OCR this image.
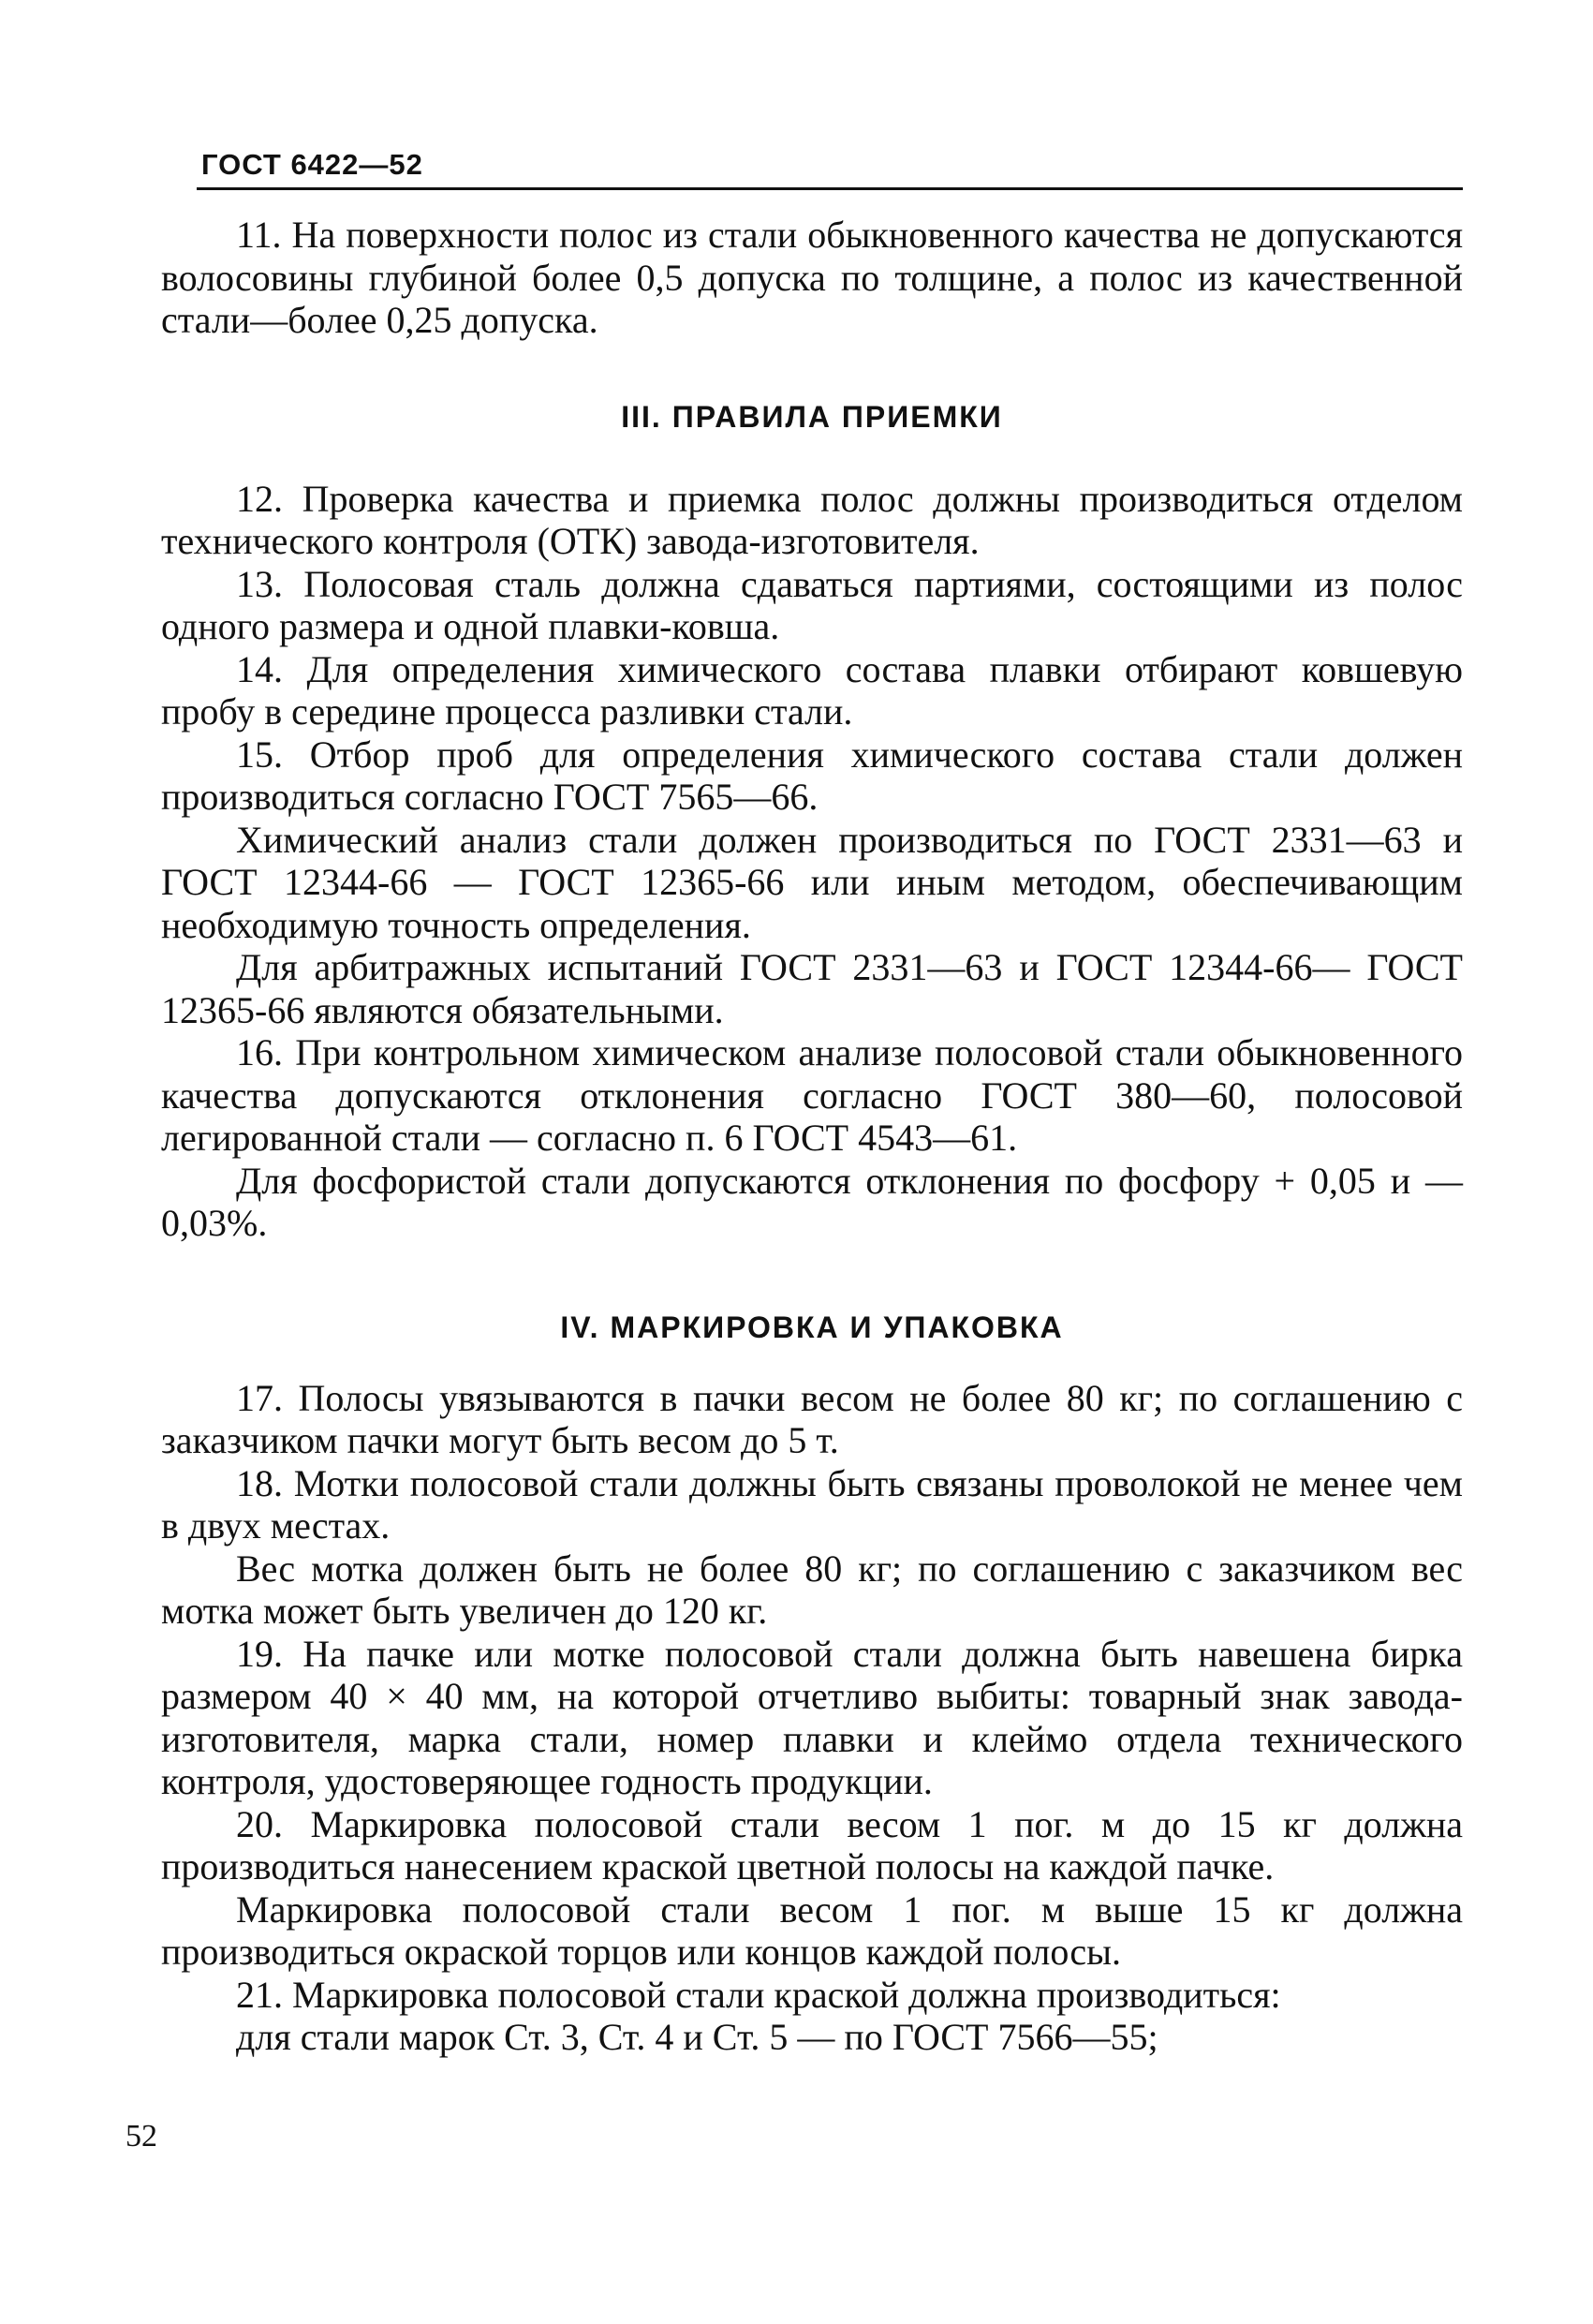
ГОСТ 6422—52

11. На поверхности полос из стали обыкновенного качества не допускаются волосовины глубиной более 0,5 допуска по толщине, а полос из качественной стали—более 0,25 допуска.

III. ПРАВИЛА ПРИЕМКИ

12. Проверка качества и приемка полос должны производиться отделом технического контроля (ОТК) завода-изготовителя.

13. Полосовая сталь должна сдаваться партиями, состоящими из полос одного размера и одной плавки-ковша.

14. Для определения химического состава плавки отбирают ковшевую пробу в середине процесса разливки стали.

15. Отбор проб для определения химического состава стали должен производиться согласно ГОСТ 7565—66.

Химический анализ стали должен производиться по ГОСТ 2331—63 и ГОСТ 12344-66 — ГОСТ 12365-66 или иным методом, обеспечивающим необходимую точность определения.

Для арбитражных испытаний ГОСТ 2331—63 и ГОСТ 12344-66— ГОСТ 12365-66 являются обязательными.

16. При контрольном химическом анализе полосовой стали обыкновенного качества допускаются отклонения согласно ГОСТ 380—60, полосовой легированной стали — согласно п. 6 ГОСТ 4543—61.

Для фосфористой стали допускаются отклонения по фосфору + 0,05 и — 0,03%.

IV. МАРКИРОВКА И УПАКОВКА

17. Полосы увязываются в пачки весом не более 80 кг; по соглашению с заказчиком пачки могут быть весом до 5 т.

18. Мотки полосовой стали должны быть связаны проволокой не менее чем в двух местах.

Вес мотка должен быть не более 80 кг; по соглашению с заказчиком вес мотка может быть увеличен до 120 кг.

19. На пачке или мотке полосовой стали должна быть навешена бирка размером 40 × 40 мм, на которой отчетливо выбиты: товарный знак завода-изготовителя, марка стали, номер плавки и клеймо отдела технического контроля, удостоверяющее годность продукции.

20. Маркировка полосовой стали весом 1 пог. м до 15 кг должна производиться нанесением краской цветной полосы на каждой пачке.

Маркировка полосовой стали весом 1 пог. м выше 15 кг должна производиться окраской торцов или концов каждой полосы.

21. Маркировка полосовой стали краской должна производиться:

для стали марок Ст. 3, Ст. 4 и Ст. 5 — по ГОСТ 7566—55;

52
